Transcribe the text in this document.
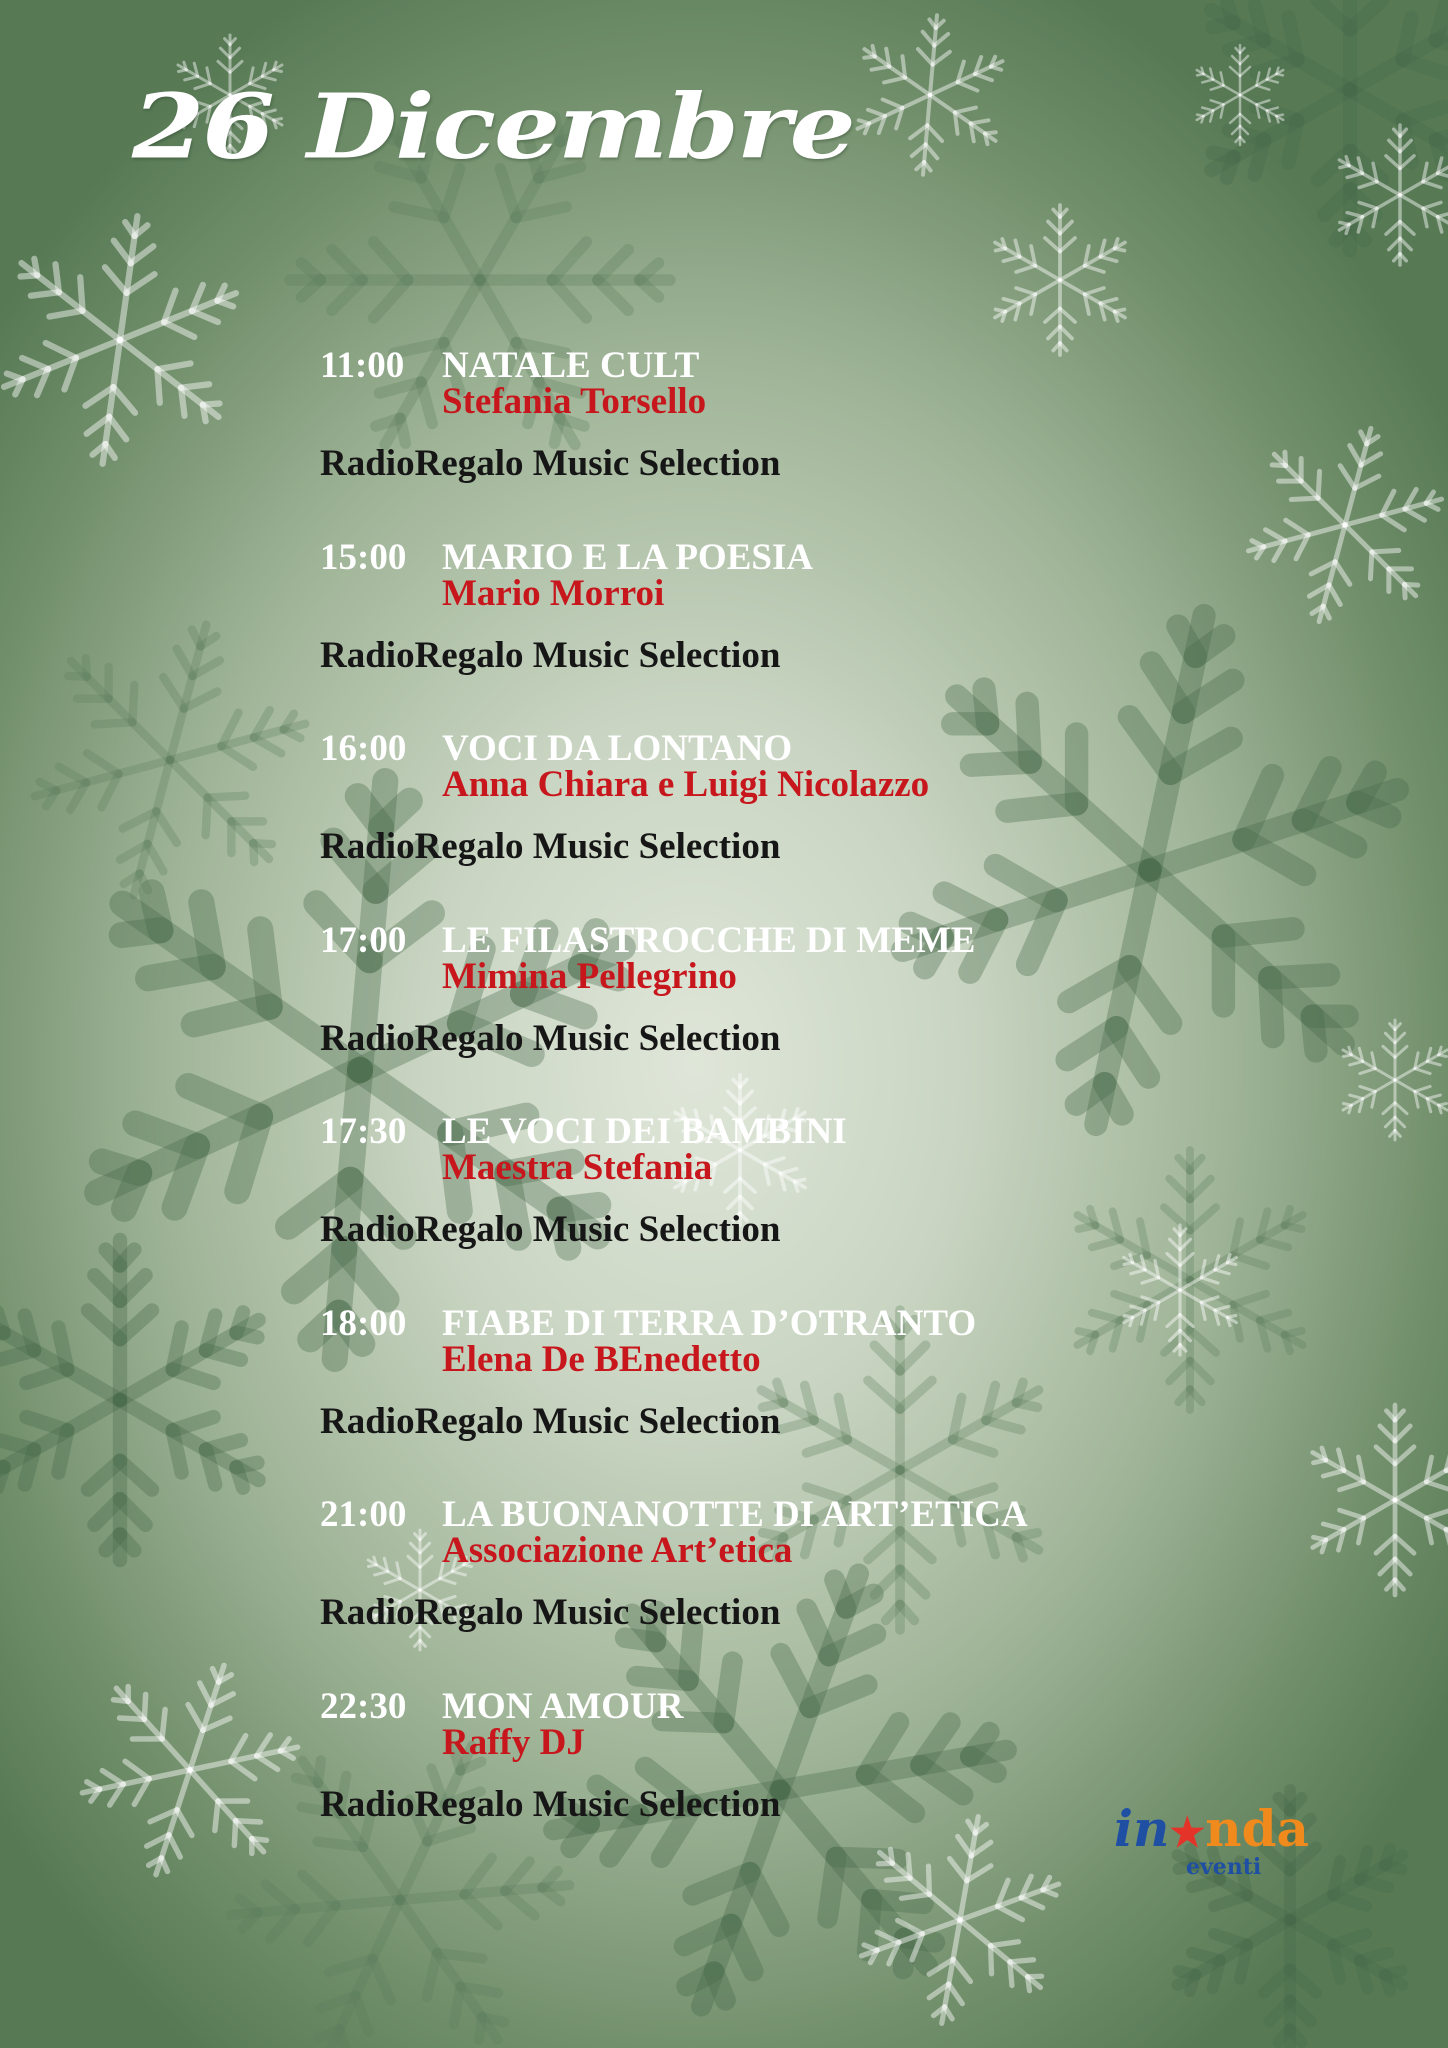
26 Dicembre
11:00 NATALE CULT
Stefania Torsello
RadioRegalo Music Selection
15:00 MARIO E LA POESIA
Mario Morroi
RadioRegalo Music Selection
16:00 VOCI DA LONTANO
Anna Chiara e Luigi Nicolazzo
RadioRegalo Music Selection
17:00 LE FILASTROCCHE DI MEME
Mimina Pellegrino
RadioRegalo Music Selection
17:30 LE VOCI DEI BAMBINI
Maestra Stefania
RadioRegalo Music Selection
18:00 FIABE DI TERRA D’OTRANTO
Elena De BEnedetto
RadioRegalo Music Selection
21:00 LA BUONANOTTE DI ART’ETICA
Associazione Art’etica
RadioRegalo Music Selection
22:30 MON AMOUR
Raffy DJ
RadioRegalo Music Selection	in★nda
eventi
